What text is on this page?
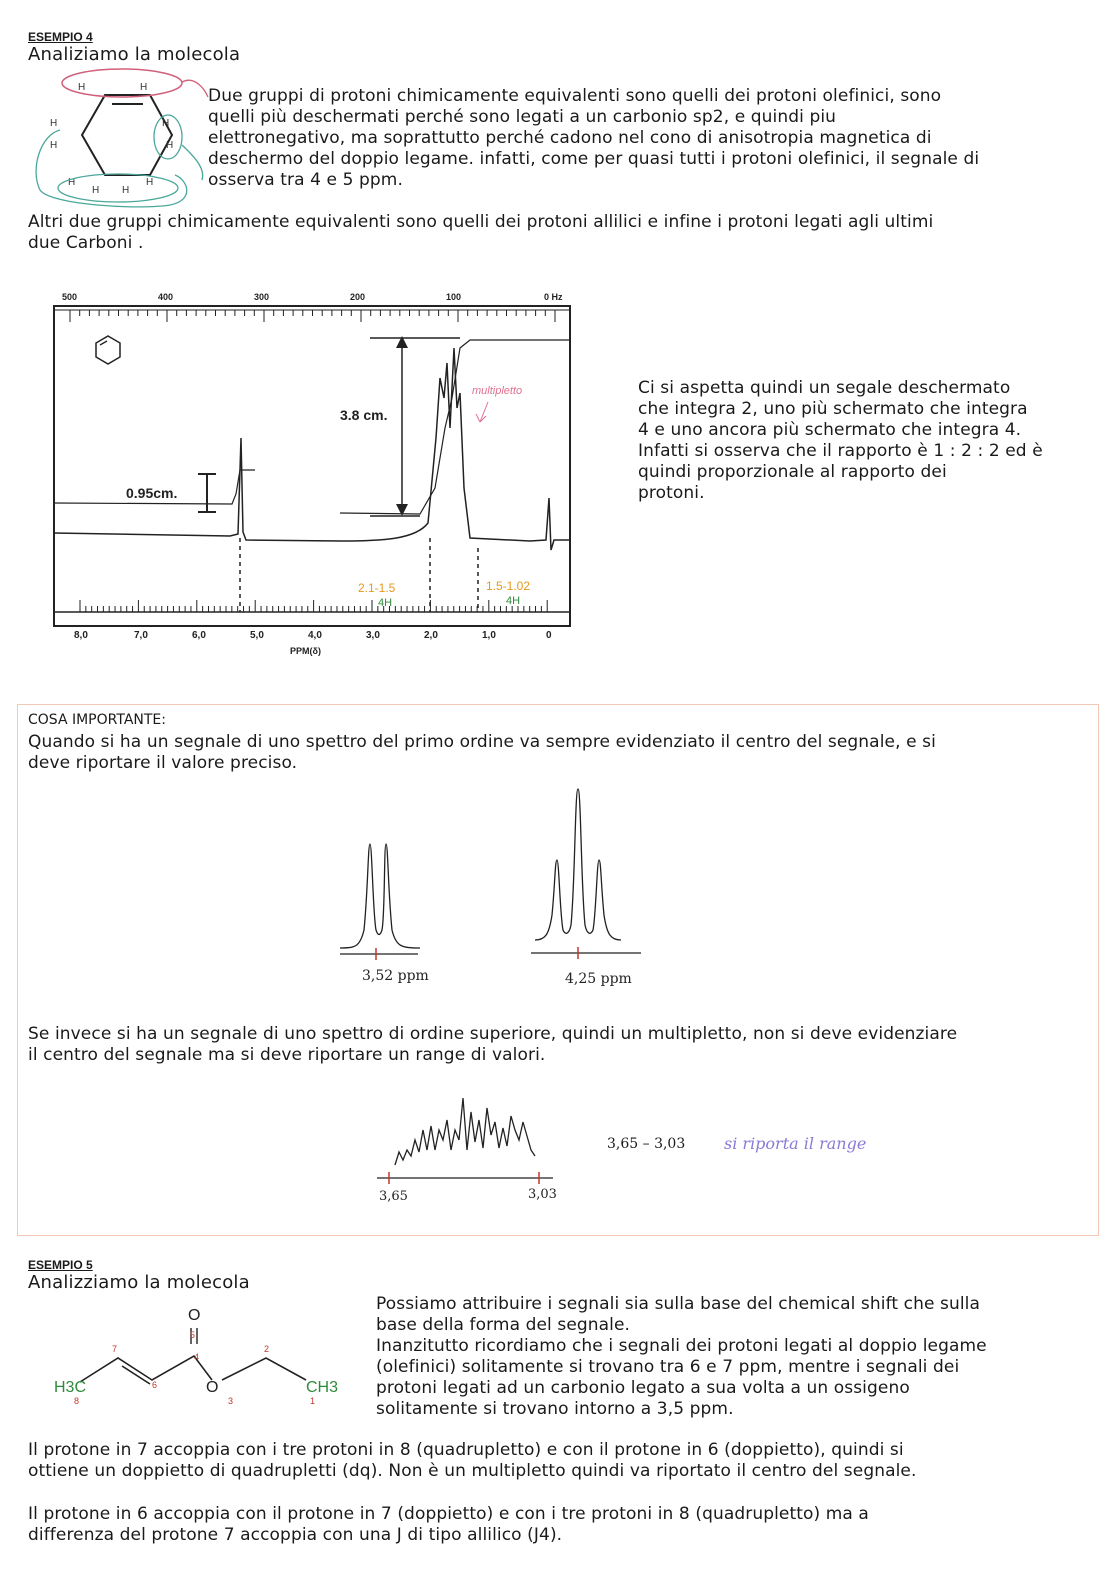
ESEMPIO 4
Analiziamo la molecola
H	H
H
H
H
H
H
H H
H
Due gruppi di protoni chimicamente equivalenti sono quelli dei protoni olefinici, sono
quelli più deschermati perché sono legati a un carbonio sp2, e quindi piu
elettronegativo, ma soprattutto perché cadono nel cono di anisotropia magnetica di
deschermo del doppio legame. infatti, come per quasi tutti i protoni olefinici, il segnale di
osserva tra 4 e 5 ppm.
Altri due gruppi chimicamente equivalenti sono quelli dei protoni allilici e infine i protoni legati agli ultimi
due Carboni .
500	400	300	200	100	0 Hz
8,0	7,0	6,0	5,0	4,0	3,0	2,0	1,0	0
PPM(δ)
0.95cm.
3.8 cm.
multipletto
2.1-1.5
4H
1.5-1.02
4H
Ci si aspetta quindi un segale deschermato
che integra 2, uno più schermato che integra
4 e uno ancora più schermato che integra 4.
Infatti si osserva che il rapporto è 1 : 2 : 2 ed è
quindi proporzionale al rapporto dei
protoni.
COSA IMPORTANTE:
Quando si ha un segnale di uno spettro del primo ordine va sempre evidenziato il centro del segnale, e si
deve riportare il valore preciso.
3,52 ppm	4,25 ppm
Se invece si ha un segnale di uno spettro di ordine superiore, quindi un multipletto, non si deve evidenziare
il centro del segnale ma si deve riportare un range di valori.
3,65	3,03
3,65 – 3,03 si riporta il range
ESEMPIO 5
Analizziamo la molecola
O
5
O
H3C	CH3
1
2
3
4
6
7
8
Possiamo attribuire i segnali sia sulla base del chemical shift che sulla
base della forma del segnale.
Inanzitutto ricordiamo che i segnali dei protoni legati al doppio legame
(olefinici) solitamente si trovano tra 6 e 7 ppm, mentre i segnali dei
protoni legati ad un carbonio legato a sua volta a un ossigeno
solitamente si trovano intorno a 3,5 ppm.
Il protone in 7 accoppia con i tre protoni in 8 (quadrupletto) e con il protone in 6 (doppietto), quindi si
ottiene un doppietto di quadrupletti (dq). Non è un multipletto quindi va riportato il centro del segnale.
Il protone in 6 accoppia con il protone in 7 (doppietto) e con i tre protoni in 8 (quadrupletto) ma a
differenza del protone 7 accoppia con una J di tipo allilico (J4).
